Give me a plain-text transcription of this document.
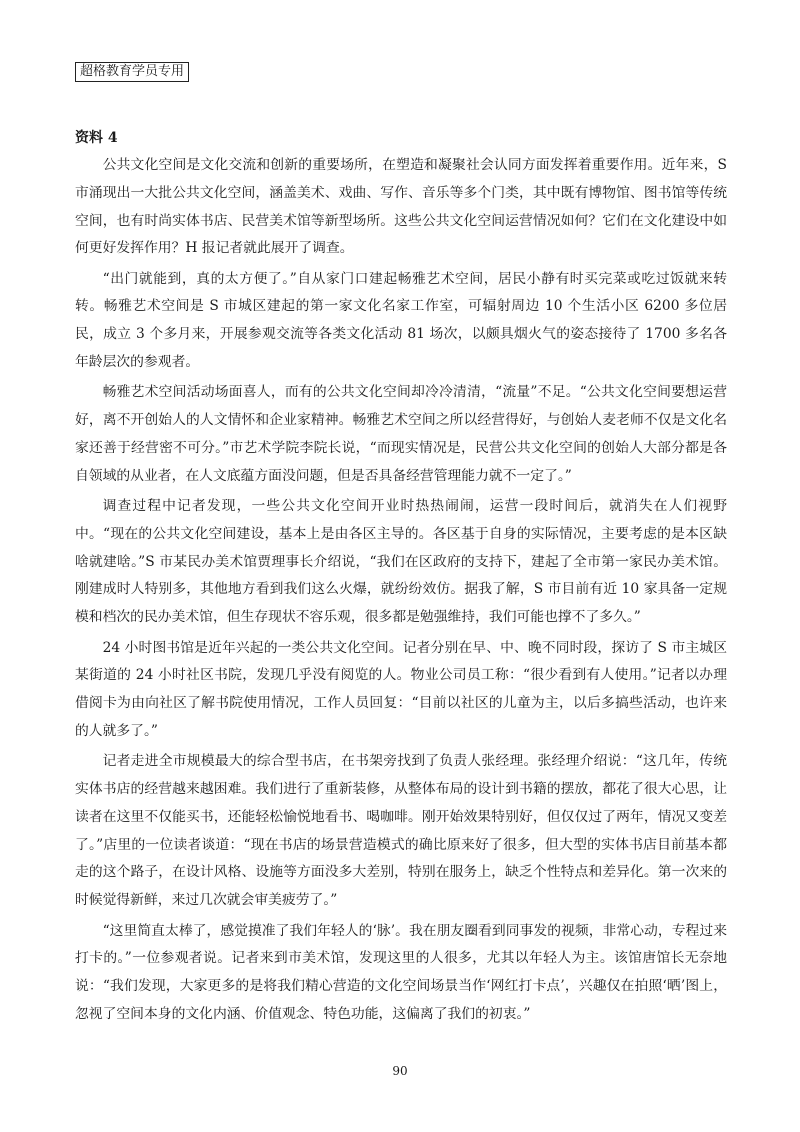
超格教育学员专用

资料 4

公共文化空间是文化交流和创新的重要场所，在塑造和凝聚社会认同方面发挥着重要作用。近年来，S 市涌现出一大批公共文化空间，涵盖美术、戏曲、写作、音乐等多个门类，其中既有博物馆、图书馆等传统空间，也有时尚实体书店、民营美术馆等新型场所。这些公共文化空间运营情况如何？它们在文化建设中如何更好发挥作用？H 报记者就此展开了调查。

“出门就能到，真的太方便了。”自从家门口建起畅雅艺术空间，居民小静有时买完菜或吃过饭就来转转。畅雅艺术空间是 S 市城区建起的第一家文化名家工作室，可辐射周边 10 个生活小区 6200 多位居民，成立 3 个多月来，开展参观交流等各类文化活动 81 场次，以颇具烟火气的姿态接待了 1700 多名各年龄层次的参观者。

畅雅艺术空间活动场面喜人，而有的公共文化空间却冷冷清清，“流量”不足。“公共文化空间要想运营好，离不开创始人的人文情怀和企业家精神。畅雅艺术空间之所以经营得好，与创始人麦老师不仅是文化名家还善于经营密不可分。”市艺术学院李院长说，“而现实情况是，民营公共文化空间的创始人大部分都是各自领域的从业者，在人文底蕴方面没问题，但是否具备经营管理能力就不一定了。”

调查过程中记者发现，一些公共文化空间开业时热热闹闹，运营一段时间后，就消失在人们视野中。“现在的公共文化空间建设，基本上是由各区主导的。各区基于自身的实际情况，主要考虑的是本区缺啥就建啥。”S 市某民办美术馆贾理事长介绍说，“我们在区政府的支持下，建起了全市第一家民办美术馆。刚建成时人特别多，其他地方看到我们这么火爆，就纷纷效仿。据我了解，S 市目前有近 10 家具备一定规模和档次的民办美术馆，但生存现状不容乐观，很多都是勉强维持，我们可能也撑不了多久。”

24 小时图书馆是近年兴起的一类公共文化空间。记者分别在早、中、晚不同时段，探访了 S 市主城区某街道的 24 小时社区书院，发现几乎没有阅览的人。物业公司员工称：“很少看到有人使用。”记者以办理借阅卡为由向社区了解书院使用情况，工作人员回复：“目前以社区的儿童为主，以后多搞些活动，也许来的人就多了。”

记者走进全市规模最大的综合型书店，在书架旁找到了负责人张经理。张经理介绍说：“这几年，传统实体书店的经营越来越困难。我们进行了重新装修，从整体布局的设计到书籍的摆放，都花了很大心思，让读者在这里不仅能买书，还能轻松愉悦地看书、喝咖啡。刚开始效果特别好，但仅仅过了两年，情况又变差了。”店里的一位读者谈道：“现在书店的场景营造模式的确比原来好了很多，但大型的实体书店目前基本都走的这个路子，在设计风格、设施等方面没多大差别，特别在服务上，缺乏个性特点和差异化。第一次来的时候觉得新鲜，来过几次就会审美疲劳了。”

“这里简直太棒了，感觉摸准了我们年轻人的‘脉’。我在朋友圈看到同事发的视频，非常心动，专程过来打卡的。”一位参观者说。记者来到市美术馆，发现这里的人很多，尤其以年轻人为主。该馆唐馆长无奈地说：“我们发现，大家更多的是将我们精心营造的文化空间场景当作‘网红打卡点’，兴趣仅在拍照‘晒’图上，忽视了空间本身的文化内涵、价值观念、特色功能，这偏离了我们的初衷。”

90
